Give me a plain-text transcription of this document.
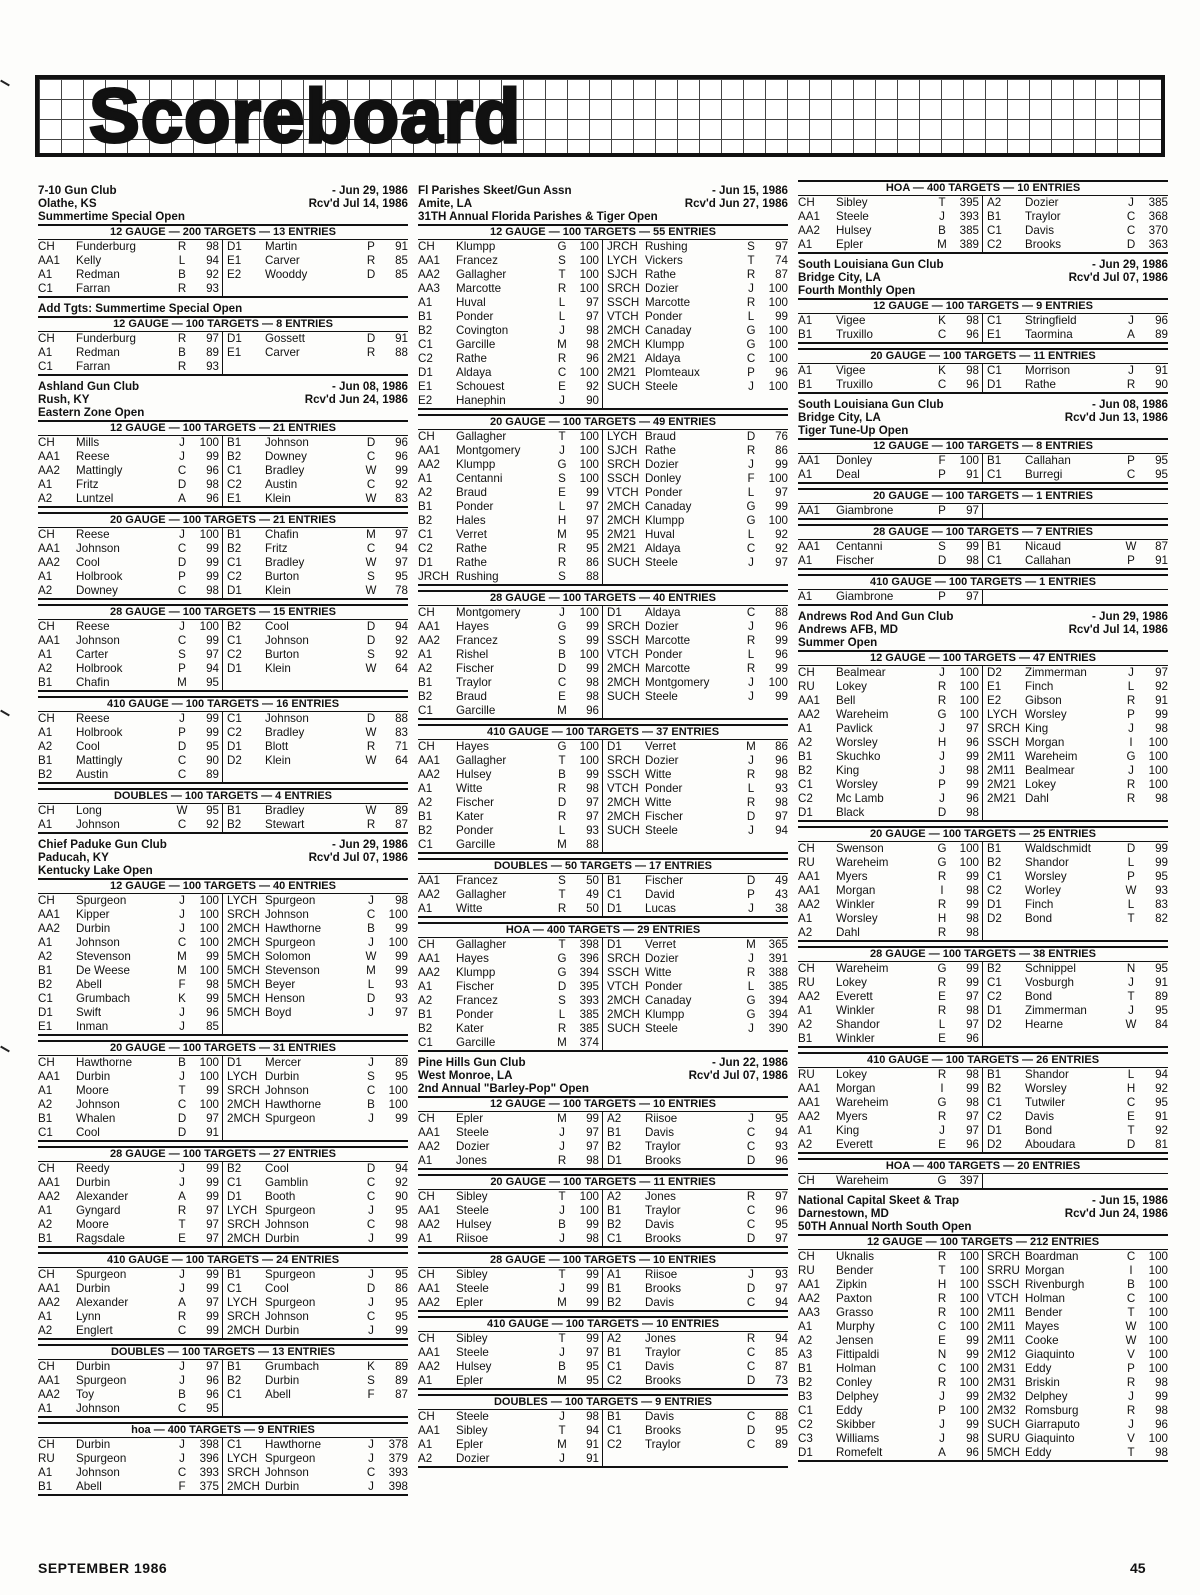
Scoreboard
7-10 Gun Club	- Jun 29, 1986
Olathe, KS	Rcv'd Jul 14, 1986
Summertime Special Open
12 GAUGE — 200 TARGETS — 13 ENTRIES
CH	Funderburg	R	98 D1	Martin	P	91
AA1	Kelly	L	94 E1	Carver	R	85
A1	Redman	B	92 E2	Wooddy	D	85
C1	Farran	R	93
Add Tgts: Summertime Special Open
12 GAUGE — 100 TARGETS — 8 ENTRIES
CH	Funderburg	R	97 D1	Gossett	D	91
A1	Redman	B	89 E1	Carver	R	88
C1	Farran	R	93
Ashland Gun Club	- Jun 08, 1986
Rush, KY	Rcv'd Jun 24, 1986
Eastern Zone Open
12 GAUGE — 100 TARGETS — 21 ENTRIES
CH	Mills	J	100 B1	Johnson	D	96
AA1	Reese	J	99 B2	Downey	C	96
AA2	Mattingly	C	96 C1	Bradley	W	99
A1	Fritz	D	98 C2	Austin	C	92
A2	Luntzel	A	96 E1	Klein	W	83
20 GAUGE — 100 TARGETS — 21 ENTRIES
CH	Reese	J	100 B1	Chafin	M	97
AA1	Johnson	C	99 B2	Fritz	C	94
AA2	Cool	D	99 C1	Bradley	W	97
A1	Holbrook	P	99 C2	Burton	S	95
A2	Downey	C	98 D1	Klein	W	78
28 GAUGE — 100 TARGETS — 15 ENTRIES
CH	Reese	J	100 B2	Cool	D	94
AA1	Johnson	C	99 C1	Johnson	D	92
A1	Carter	S	97 C2	Burton	S	92
A2	Holbrook	P	94 D1	Klein	W	64
B1	Chafin	M	95
410 GAUGE — 100 TARGETS — 16 ENTRIES
CH	Reese	J	99 C1	Johnson	D	88
A1	Holbrook	P	99 C2	Bradley	W	83
A2	Cool	D	95 D1	Blott	R	71
B1	Mattingly	C	90 D2	Klein	W	64
B2	Austin	C	89
DOUBLES — 100 TARGETS — 4 ENTRIES
CH	Long	W	95 B1	Bradley	W	89
A1	Johnson	C	92 B2	Stewart	R	87
Chief Paduke Gun Club	- Jun 29, 1986
Paducah, KY	Rcv'd Jul 07, 1986
Kentucky Lake Open
12 GAUGE — 100 TARGETS — 40 ENTRIES
CH	Spurgeon	J	100 LYCH Spurgeon	J	98
AA1	Kipper	J	100 SRCH Johnson	C	100
AA2	Durbin	J	100 2MCH Hawthorne	B	99
A1	Johnson	C	100 2MCH Spurgeon	J	100
A2	Stevenson	M	99 5MCH Solomon	W	99
B1	De Weese	M	100 5MCH Stevenson	M	99
B2	Abell	F	98 5MCH Beyer	L	93
C1	Grumbach	K	99 5MCH Henson	D	93
D1	Swift	J	96 5MCH Boyd	J	97
E1	Inman	J	85
20 GAUGE — 100 TARGETS — 31 ENTRIES
CH	Hawthorne	B	100 D1	Mercer	J	89
AA1	Durbin	J	100 LYCH Durbin	S	95
A1	Moore	T	99 SRCH Johnson	C	100
A2	Johnson	C	100 2MCH Hawthorne	B	100
B1	Whalen	D	97 2MCH Spurgeon	J	99
C1	Cool	D	91
28 GAUGE — 100 TARGETS — 27 ENTRIES
CH	Reedy	J	99 B2	Cool	D	94
AA1	Durbin	J	99 C1	Gamblin	C	92
AA2	Alexander	A	99 D1	Booth	C	90
A1	Gyngard	R	97 LYCH Spurgeon	J	95
A2	Moore	T	97 SRCH Johnson	C	98
B1	Ragsdale	E	97 2MCH Durbin	J	99
410 GAUGE — 100 TARGETS — 24 ENTRIES
CH	Spurgeon	J	99 B1	Spurgeon	J	95
AA1	Durbin	J	99 C1	Cool	D	86
AA2	Alexander	A	97 LYCH Spurgeon	J	95
A1	Lynn	R	99 SRCH Johnson	C	95
A2	Englert	C	99 2MCH Durbin	J	99
DOUBLES — 100 TARGETS — 13 ENTRIES
CH	Durbin	J	97 B1	Grumbach	K	89
AA1	Spurgeon	J	96 B2	Durbin	S	89
AA2	Toy	B	96 C1	Abell	F	87
A1	Johnson	C	95
hoa — 400 TARGETS — 9 ENTRIES
CH	Durbin	J	398 C1	Hawthorne	J	378
RU	Spurgeon	J	396 LYCH Spurgeon	J	379
A1	Johnson	C	393 SRCH Johnson	C	393
B1	Abell	F	375 2MCH Durbin	J	398
Fl Parishes Skeet/Gun Assn	- Jun 15, 1986
Amite, LA	Rcv'd Jun 27, 1986
31TH Annual Florida Parishes & Tiger Open
12 GAUGE — 100 TARGETS — 55 ENTRIES
CH	Klumpp	G	100 JRCH Rushing	S	97
AA1	Francez	S	100 LYCH Vickers	T	74
AA2	Gallagher	T	100 SJCH Rathe	R	87
AA3	Marcotte	R	100 SRCH Dozier	J	100
A1	Huval	L	97 SSCH Marcotte	R	100
B1	Ponder	L	97 VTCH Ponder	L	99
B2	Covington	J	98 2MCH Canaday	G	100
C1	Garcille	M	98 2MCH Klumpp	G	100
C2	Rathe	R	96 2M21 Aldaya	C	100
D1	Aldaya	C	100 2M21 Plomteaux	P	96
E1	Schouest	E	92 SUCH Steele	J	100
E2	Hanephin	J	90
20 GAUGE — 100 TARGETS — 49 ENTRIES
CH	Gallagher	T	100 LYCH Braud	D	76
AA1	Montgomery	J	100 SJCH Rathe	R	86
AA2	Klumpp	G	100 SRCH Dozier	J	99
A1	Centanni	S	100 SSCH Donley	F	100
A2	Braud	E	99 VTCH Ponder	L	97
B1	Ponder	L	97 2MCH Canaday	G	99
B2	Hales	H	97 2MCH Klumpp	G	100
C1	Verret	M	95 2M21 Huval	L	92
C2	Rathe	R	95 2M21 Aldaya	C	92
D1	Rathe	R	86 SUCH Steele	J	97
JRCH Rushing	S	88
28 GAUGE — 100 TARGETS — 40 ENTRIES
CH	Montgomery	J	100 D1	Aldaya	C	88
AA1	Hayes	G	99 SRCH Dozier	J	96
AA2	Francez	S	99 SSCH Marcotte	R	99
A1	Rishel	B	100 VTCH Ponder	L	96
A2	Fischer	D	99 2MCH Marcotte	R	99
B1	Traylor	C	98 2MCH Montgomery	J	100
B2	Braud	E	98 SUCH Steele	J	99
C1	Garcille	M	96
410 GAUGE — 100 TARGETS — 37 ENTRIES
CH	Hayes	G	100 D1	Verret	M	86
AA1	Gallagher	T	100 SRCH Dozier	J	96
AA2	Hulsey	B	99 SSCH Witte	R	98
A1	Witte	R	98 VTCH Ponder	L	93
A2	Fischer	D	97 2MCH Witte	R	98
B1	Kater	R	97 2MCH Fischer	D	97
B2	Ponder	L	93 SUCH Steele	J	94
C1	Garcille	M	88
DOUBLES — 50 TARGETS — 17 ENTRIES
AA1	Francez	S	50 B1	Fischer	D	49
AA2	Gallagher	T	49 C1	David	P	43
A1	Witte	R	50 D1	Lucas	J	38
HOA — 400 TARGETS — 29 ENTRIES
CH	Gallagher	T	398 D1	Verret	M	365
AA1	Hayes	G	396 SRCH Dozier	J	391
AA2	Klumpp	G	394 SSCH Witte	R	388
A1	Fischer	D	395 VTCH Ponder	L	385
A2	Francez	S	393 2MCH Canaday	G	394
B1	Ponder	L	385 2MCH Klumpp	G	394
B2	Kater	R	385 SUCH Steele	J	390
C1	Garcille	M	374
Pine Hills Gun Club	- Jun 22, 1986
West Monroe, LA	Rcv'd Jul 07, 1986
2nd Annual "Barley-Pop" Open
12 GAUGE — 100 TARGETS — 10 ENTRIES
CH	Epler	M	99 A2	Riisoe	J	95
AA1	Steele	J	97 B1	Davis	C	94
AA2	Dozier	J	97 B2	Traylor	C	93
A1	Jones	R	98 D1	Brooks	D	96
20 GAUGE — 100 TARGETS — 11 ENTRIES
CH	Sibley	T	100 A2	Jones	R	97
AA1	Steele	J	100 B1	Traylor	C	96
AA2	Hulsey	B	99 B2	Davis	C	95
A1	Riisoe	J	98 C1	Brooks	D	97
28 GAUGE — 100 TARGETS — 10 ENTRIES
CH	Sibley	T	99 A1	Riisoe	J	93
AA1	Steele	J	99 B1	Brooks	D	97
AA2	Epler	M	99 B2	Davis	C	94
410 GAUGE — 100 TARGETS — 10 ENTRIES
CH	Sibley	T	99 A2	Jones	R	94
AA1	Steele	J	97 B1	Traylor	C	85
AA2	Hulsey	B	95 C1	Davis	C	87
A1	Epler	M	95 C2	Brooks	D	73
DOUBLES — 100 TARGETS — 9 ENTRIES
CH	Steele	J	98 B1	Davis	C	88
AA1	Sibley	T	94 C1	Brooks	D	95
A1	Epler	M	91 C2	Traylor	C	89
A2	Dozier	J	91
HOA — 400 TARGETS — 10 ENTRIES
CH	Sibley	T	395 A2	Dozier	J	385
AA1	Steele	J	393 B1	Traylor	C	368
AA2	Hulsey	B	385 C1	Davis	C	370
A1	Epler	M	389 C2	Brooks	D	363
South Louisiana Gun Club	- Jun 29, 1986
Bridge City, LA	Rcv'd Jul 07, 1986
Fourth Monthly Open
12 GAUGE — 100 TARGETS — 9 ENTRIES
A1	Vigee	K	98 C1	Stringfield	J	96
B1	Truxillo	C	96 E1	Taormina	A	89
20 GAUGE — 100 TARGETS — 11 ENTRIES
A1	Vigee	K	98 C1	Morrison	J	91
B1	Truxillo	C	96 D1	Rathe	R	90
South Louisiana Gun Club	- Jun 08, 1986
Bridge City, LA	Rcv'd Jun 13, 1986
Tiger Tune-Up Open
12 GAUGE — 100 TARGETS — 8 ENTRIES
AA1	Donley	F	100 B1	Callahan	P	95
A1	Deal	P	91 C1	Burregi	C	95
20 GAUGE — 100 TARGETS — 1 ENTRIES
AA1	Giambrone	P	97
28 GAUGE — 100 TARGETS — 7 ENTRIES
AA1	Centanni	S	99 B1	Nicaud	W	87
A1	Fischer	D	98 C1	Callahan	P	91
410 GAUGE — 100 TARGETS — 1 ENTRIES
A1	Giambrone	P	97
Andrews Rod And Gun Club	- Jun 29, 1986
Andrews AFB, MD	Rcv'd Jul 14, 1986
Summer Open
12 GAUGE — 100 TARGETS — 47 ENTRIES
CH	Bealmear	J	100 D2	Zimmerman	J	97
RU	Lokey	R	100 E1	Finch	L	92
AA1	Bell	R	100 E2	Gibson	R	91
AA2	Wareheim	G	100 LYCH Worsley	P	99
A1	Pavlick	J	97 SRCH King	J	98
A2	Worsley	H	96 SSCH Morgan	I	100
B1	Skuchko	J	99 2M11 Wareheim	G	100
B2	King	J	98 2M11 Bealmear	J	100
C1	Worsley	P	99 2M21 Lokey	R	100
C2	Mc Lamb	J	96 2M21 Dahl	R	98
D1	Black	D	98
20 GAUGE — 100 TARGETS — 25 ENTRIES
CH	Swenson	G	100 B1	Waldschmidt	D	99
RU	Wareheim	G	100 B2	Shandor	L	99
AA1	Myers	R	99 C1	Worsley	P	95
AA1	Morgan	I	98 C2	Worley	W	93
AA2	Winkler	R	99 D1	Finch	L	83
A1	Worsley	H	98 D2	Bond	T	82
A2	Dahl	R	98
28 GAUGE — 100 TARGETS — 38 ENTRIES
CH	Wareheim	G	99 B2	Schnippel	N	95
RU	Lokey	R	99 C1	Vosburgh	J	91
AA2	Everett	E	97 C2	Bond	T	89
A1	Winkler	R	98 D1	Zimmerman	J	95
A2	Shandor	L	97 D2	Hearne	W	84
B1	Winkler	E	96
410 GAUGE — 100 TARGETS — 26 ENTRIES
RU	Lokey	R	98 B1	Shandor	L	94
AA1	Morgan	I	99 B2	Worsley	H	92
AA1	Wareheim	G	98 C1	Tutwiler	C	95
AA2	Myers	R	97 C2	Davis	E	91
A1	King	J	97 D1	Bond	T	92
A2	Everett	E	96 D2	Aboudara	D	81
HOA — 400 TARGETS — 20 ENTRIES
CH	Wareheim	G	397
National Capital Skeet & Trap	- Jun 15, 1986
Darnestown, MD	Rcv'd Jun 24, 1986
50TH Annual North South Open
12 GAUGE — 100 TARGETS — 212 ENTRIES
CH	Uknalis	R	100 SRCH Boardman	C	100
RU	Bender	T	100 SRRU Morgan	I	100
AA1	Zipkin	H	100 SSCH Rivenburgh	B	100
AA2	Paxton	R	100 VTCH Holman	C	100
AA3	Grasso	R	100 2M11 Bender	T	100
A1	Murphy	C	100 2M11 Mayes	W	100
A2	Jensen	E	99 2M11 Cooke	W	100
A3	Fittipaldi	N	99 2M12 Giaquinto	V	100
B1	Holman	C	100 2M31 Eddy	P	100
B2	Conley	R	100 2M31 Briskin	R	98
B3	Delphey	J	99 2M32 Delphey	J	99
C1	Eddy	P	100 2M32 Romsburg	R	98
C2	Skibber	J	99 SUCH Giarraputo	J	96
C3	Williams	J	98 SURU Giaquinto	V	100
D1	Romefelt	A	96 5MCH Eddy	T	98
SEPTEMBER 1986	45
